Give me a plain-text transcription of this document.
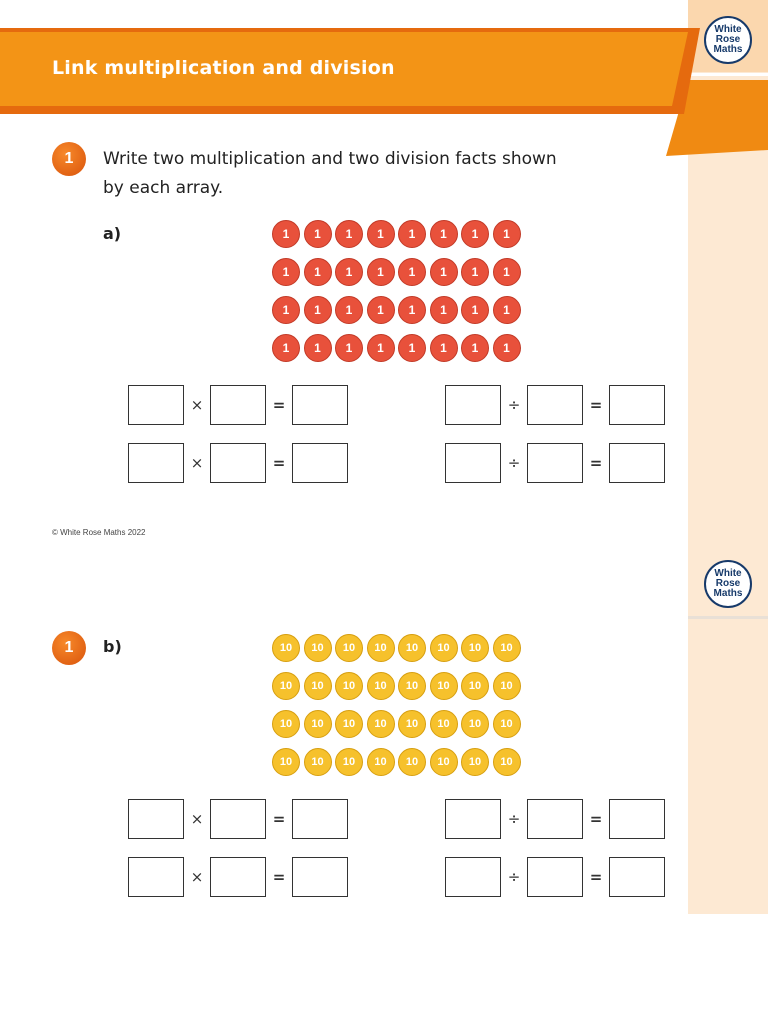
Link multiplication and division
White
Rose
Maths
1	Write two multiplication and two division facts shown
by each array.
a)	1	1	1	1	1	1	1	1
1	1	1	1	1	1	1	1
1	1	1	1	1	1	1	1
1	1	1	1	1	1	1	1
×	=	÷	=
×	=	÷	=
© White Rose Maths 2022
White
Rose
Maths
1	b)	10	10	10	10	10	10	10	10
10	10	10	10	10	10	10	10
10	10	10	10	10	10	10	10
10	10	10	10	10	10	10	10
×	=	÷	=
×	=	÷	=
